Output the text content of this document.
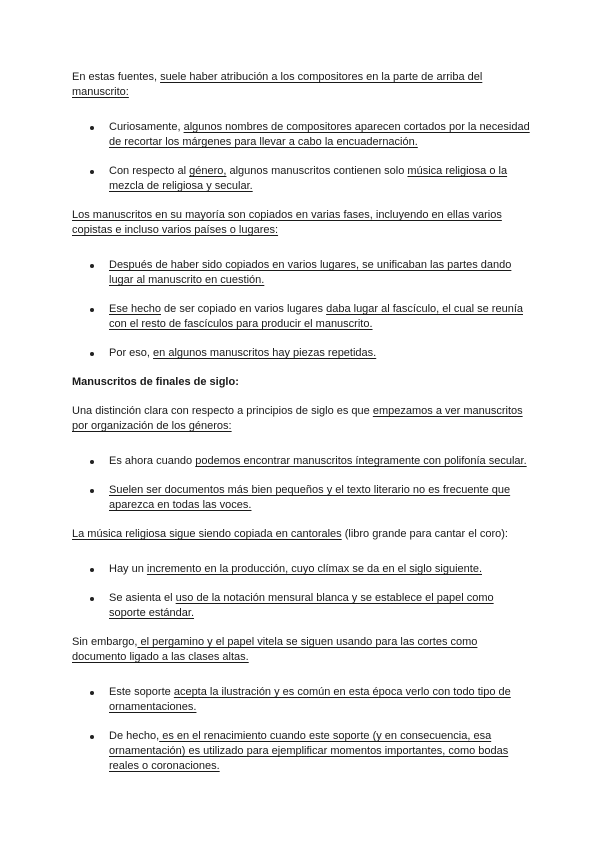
En estas fuentes, suele haber atribución a los compositores en la parte de arriba del manuscrito:

Curiosamente, algunos nombres de compositores aparecen cortados por la necesidad de recortar los márgenes para llevar a cabo la encuadernación.
Con respecto al género, algunos manuscritos contienen solo música religiosa o la mezcla de religiosa y secular.

Los manuscritos en su mayoría son copiados en varias fases, incluyendo en ellas varios copistas e incluso varios países o lugares:

Después de haber sido copiados en varios lugares, se unificaban las partes dando lugar al manuscrito en cuestión.
Ese hecho de ser copiado en varios lugares daba lugar al fascículo, el cual se reunía con el resto de fascículos para producir el manuscrito.
Por eso, en algunos manuscritos hay piezas repetidas.

Manuscritos de finales de siglo:

Una distinción clara con respecto a principios de siglo es que empezamos a ver manuscritos por organización de los géneros:

Es ahora cuando podemos encontrar manuscritos íntegramente con polifonía secular.
Suelen ser documentos más bien pequeños y el texto literario no es frecuente que aparezca en todas las voces.

La música religiosa sigue siendo copiada en cantorales (libro grande para cantar el coro):

Hay un incremento en la producción, cuyo clímax se da en el siglo siguiente.
Se asienta el uso de la notación mensural blanca y se establece el papel como soporte estándar.

Sin embargo, el pergamino y el papel vitela se siguen usando para las cortes como documento ligado a las clases altas.

Este soporte acepta la ilustración y es común en esta época verlo con todo tipo de ornamentaciones.
De hecho, es en el renacimiento cuando este soporte (y en consecuencia, esa ornamentación) es utilizado para ejemplificar momentos importantes, como bodas reales o coronaciones.
